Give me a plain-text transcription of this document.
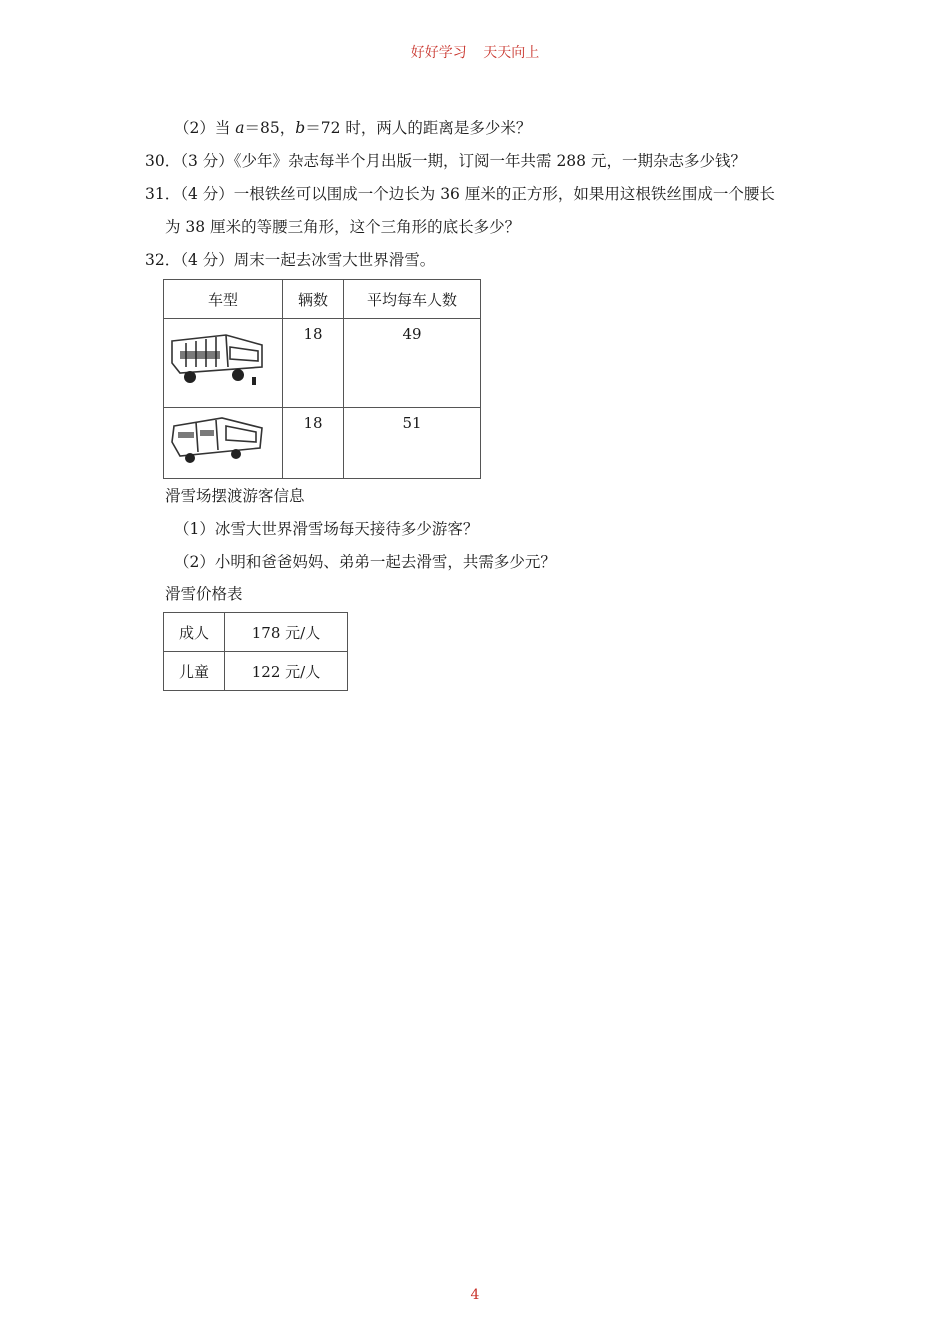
好好学习 天天向上
（2）当 a＝85，b＝72 时，两人的距离是多少米？
30．（3 分）《少年》杂志每半个月出版一期，订阅一年共需 288 元，一期杂志多少钱？
31．（4 分）一根铁丝可以围成一个边长为 36 厘米的正方形，如果用这根铁丝围成一个腰长
为 38 厘米的等腰三角形，这个三角形的底长多少？
32．（4 分）周末一起去冰雪大世界滑雪。
车型	辆数	平均每车人数
	18	49
	18	51
滑雪场摆渡游客信息
（1）冰雪大世界滑雪场每天接待多少游客？
（2）小明和爸爸妈妈、弟弟一起去滑雪，共需多少元？
滑雪价格表
成人	178 元/人
儿童	122 元/人
4
